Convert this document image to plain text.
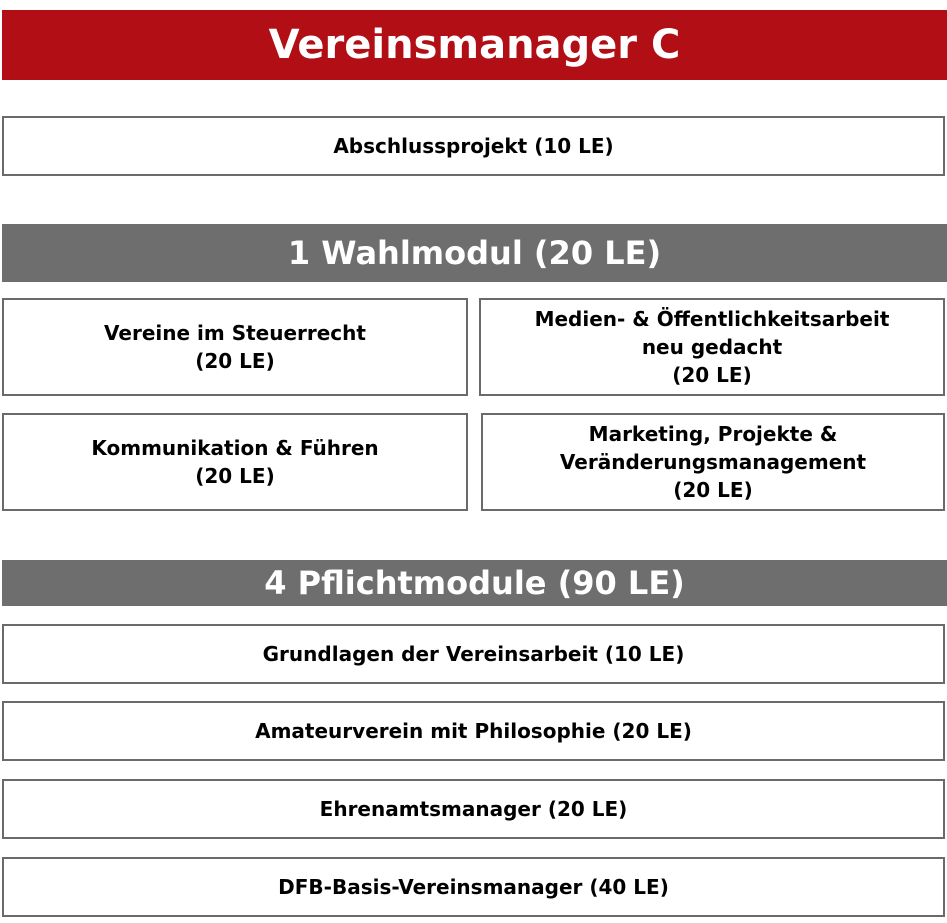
Vereinsmanager C
Abschlussprojekt (10 LE)
1 Wahlmodul (20 LE)
Vereine im Steuerrecht
(20 LE)
Medien- & Öffentlichkeitsarbeit
neu gedacht
(20 LE)
Kommunikation & Führen
(20 LE)
Marketing, Projekte &
Veränderungsmanagement
(20 LE)
4 Pflichtmodule (90 LE)
Grundlagen der Vereinsarbeit (10 LE)
Amateurverein mit Philosophie (20 LE)
Ehrenamtsmanager (20 LE)
DFB-Basis-Vereinsmanager (40 LE)
